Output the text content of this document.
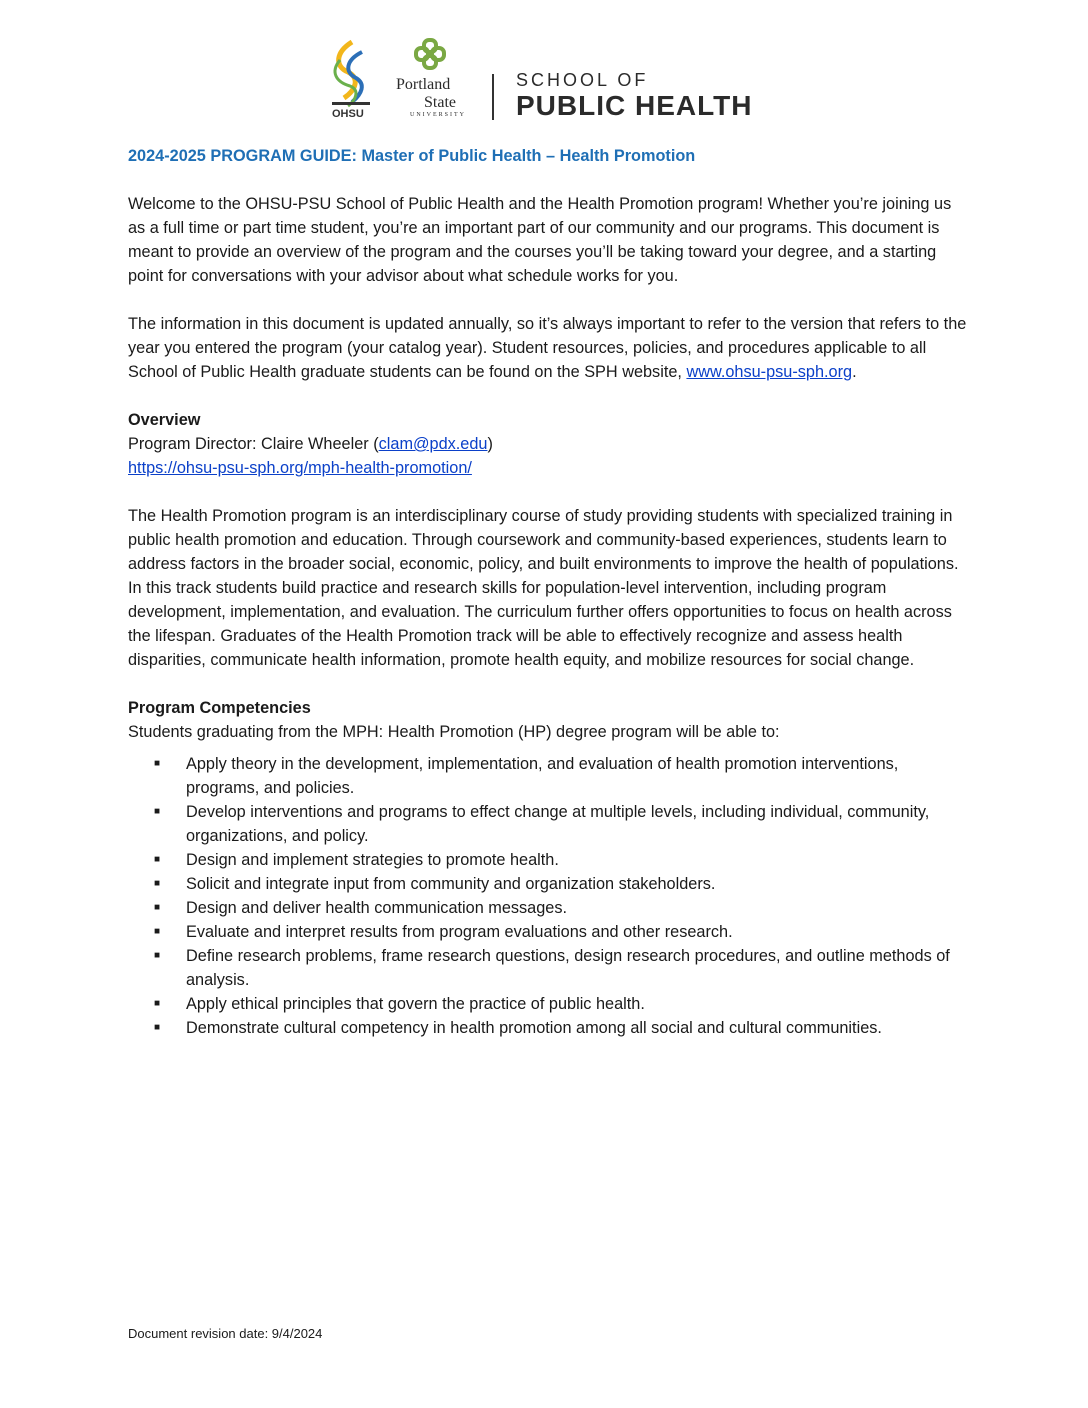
OHSU
Portland
State
UNIVERSITY
SCHOOL OF
PUBLIC HEALTH
2024-2025 PROGRAM GUIDE: Master of Public Health – Health Promotion

Welcome to the OHSU-PSU School of Public Health and the Health Promotion program! Whether you’re joining us as a full time or part time student, you’re an important part of our community and our programs. This document is meant to provide an overview of the program and the courses you’ll be taking toward your degree, and a starting point for conversations with your advisor about what schedule works for you.

The information in this document is updated annually, so it’s always important to refer to the version that refers to the year you entered the program (your catalog year). Student resources, policies, and procedures applicable to all School of Public Health graduate students can be found on the SPH website, www.ohsu-psu-sph.org.

Overview
Program Director: Claire Wheeler (clam@pdx.edu)
https://ohsu-psu-sph.org/mph-health-promotion/

The Health Promotion program is an interdisciplinary course of study providing students with specialized training in public health promotion and education. Through coursework and community-based experiences, students learn to address factors in the broader social, economic, policy, and built environments to improve the health of populations. In this track students build practice and research skills for population-level intervention, including program development, implementation, and evaluation. The curriculum further offers opportunities to focus on health across the lifespan. Graduates of the Health Promotion track will be able to effectively recognize and assess health disparities, communicate health information, promote health equity, and mobilize resources for social change.

Program Competencies
Students graduating from the MPH: Health Promotion (HP) degree program will be able to:
■ Apply theory in the development, implementation, and evaluation of health promotion interventions, programs, and policies.
■ Develop interventions and programs to effect change at multiple levels, including individual, community, organizations, and policy.
■ Design and implement strategies to promote health.
■ Solicit and integrate input from community and organization stakeholders.
■ Design and deliver health communication messages.
■ Evaluate and interpret results from program evaluations and other research.
■ Define research problems, frame research questions, design research procedures, and outline methods of analysis.
■ Apply ethical principles that govern the practice of public health.
■ Demonstrate cultural competency in health promotion among all social and cultural communities.
Document revision date: 9/4/2024
